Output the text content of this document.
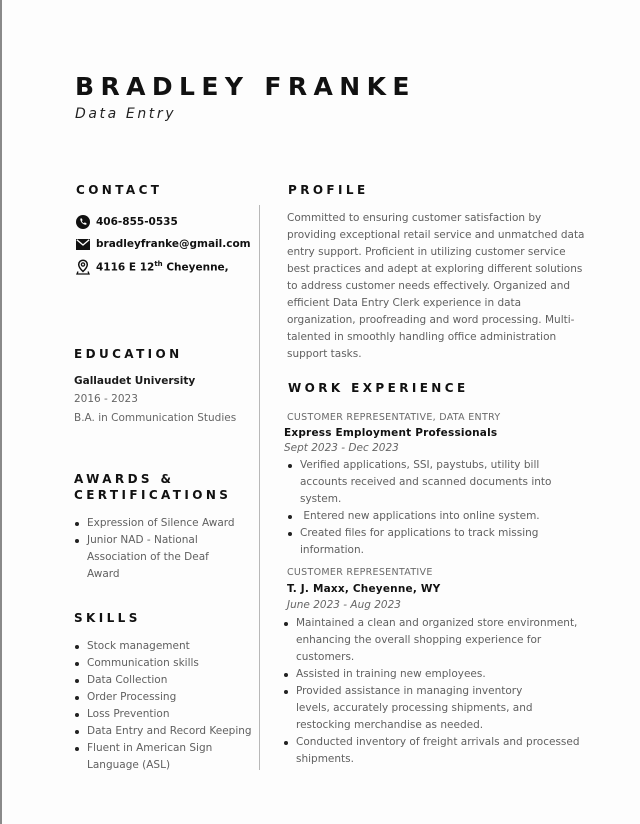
BRADLEY FRANKE
Data Entry
CONTACT
406-855-0535
bradleyfranke@gmail.com
4116 E 12th Cheyenne,
EDUCATION
Gallaudet University
2016 - 2023
B.A. in Communication Studies
AWARDS &
CERTIFICATIONS
Expression of Silence Award
Junior NAD - National Association of the Deaf Award
SKILLS
Stock management
Communication skills
Data Collection
Order Processing
Loss Prevention
Data Entry and Record Keeping
Fluent in American Sign Language (ASL)
PROFILE
Committed to ensuring customer satisfaction by providing exceptional retail service and unmatched data entry support. Proficient in utilizing customer service best practices and adept at exploring different solutions to address customer needs effectively. Organized and efficient Data Entry Clerk experience in data organization, proofreading and word processing. Multi-talented in smoothly handling office administration support tasks.
WORK EXPERIENCE
CUSTOMER REPRESENTATIVE, DATA ENTRY
Express Employment Professionals
Sept 2023 - Dec 2023
Verified applications, SSI, paystubs, utility bill accounts received and scanned documents into system.
Entered new applications into online system.
Created files for applications to track missing information.
CUSTOMER REPRESENTATIVE
T. J. Maxx, Cheyenne, WY
June 2023 - Aug 2023
Maintained a clean and organized store environment, enhancing the overall shopping experience for customers.
Assisted in training new employees.
Provided assistance in managing inventory levels, accurately processing shipments, and restocking merchandise as needed.
Conducted inventory of freight arrivals and processed shipments.
